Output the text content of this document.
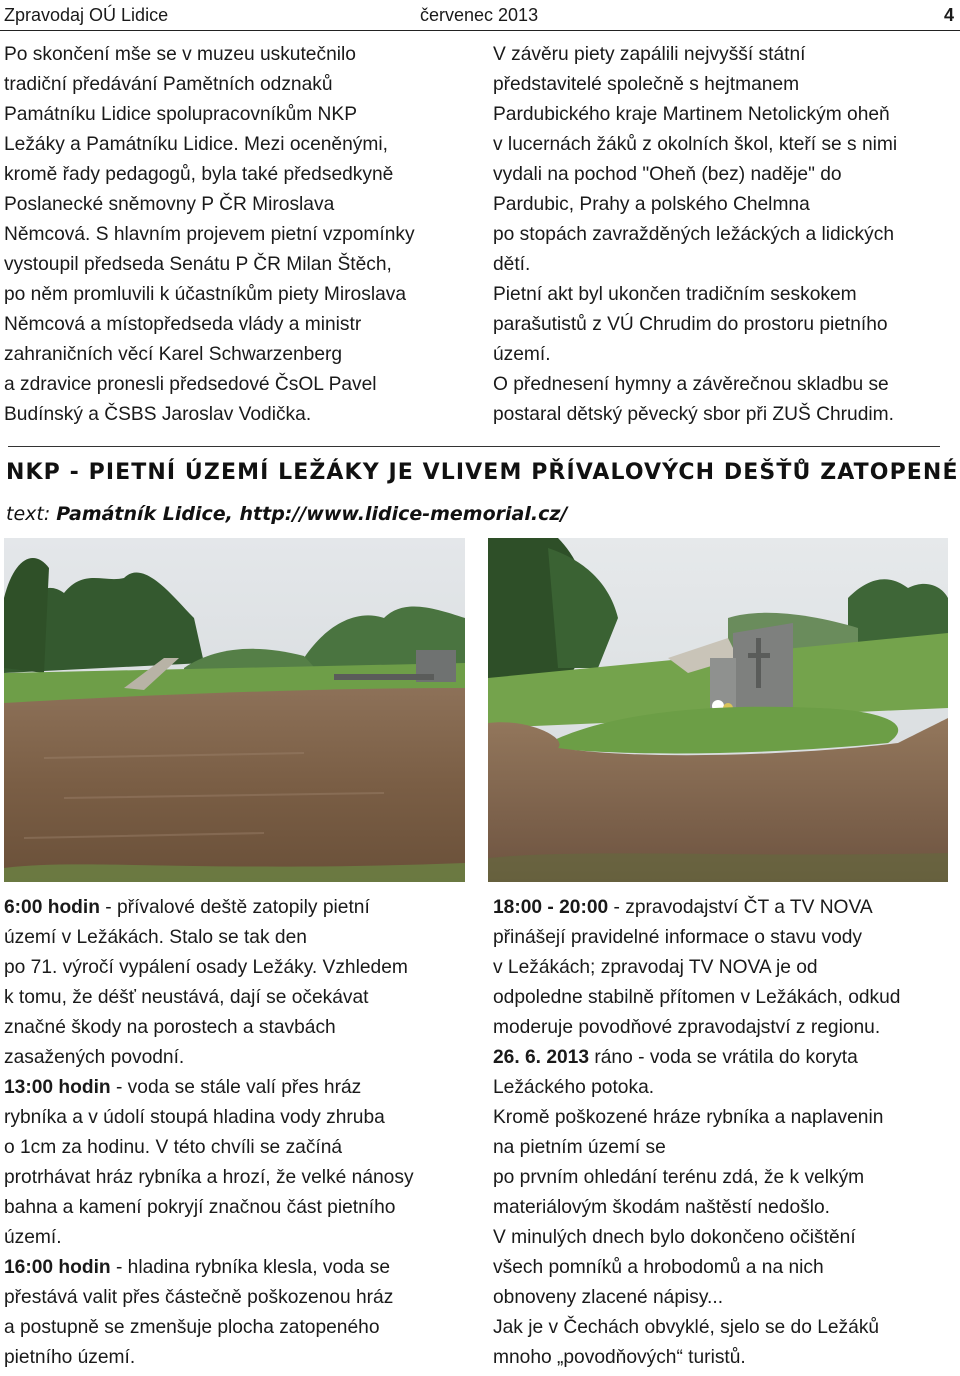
Zpravodaj OÚ Lidice	červenec 2013	4
Po skončení mše se v muzeu uskutečnilo
tradiční předávání Pamětních odznaků
Památníku Lidice spolupracovníkům NKP
Ležáky a Památníku Lidice. Mezi oceněnými,
kromě řady pedagogů, byla také předsedkyně
Poslanecké sněmovny P ČR Miroslava
Němcová. S hlavním projevem pietní vzpomínky
vystoupil předseda Senátu P ČR Milan Štěch,
po něm promluvili k účastníkům piety Miroslava
Němcová a místopředseda vlády a ministr
zahraničních věcí Karel Schwarzenberg
a zdravice pronesli předsedové ČsOL Pavel
Budínský a ČSBS Jaroslav Vodička.
V závěru piety zapálili nejvyšší státní
představitelé společně s hejtmanem
Pardubického kraje Martinem Netolickým oheň
v lucernách žáků z okolních škol, kteří se s nimi
vydali na pochod "Oheň (bez) naděje" do
Pardubic, Prahy a polského Chelmna
po stopách zavražděných ležáckých a lidických
dětí.
Pietní akt byl ukončen tradičním seskokem
parašutistů z VÚ Chrudim do prostoru pietního
území.
O přednesení hymny a závěrečnou skladbu se
postaral dětský pěvecký sbor při ZUŠ Chrudim.
NKP - PIETNÍ ÚZEMÍ LEŽÁKY JE VLIVEM PŘÍVALOVÝCH DEŠŤŮ ZATOPENÉ
text: Památník Lidice, http://www.lidice-memorial.cz/
6:00 hodin - přívalové deště zatopily pietní
území v Ležákách. Stalo se tak den
po 71. výročí vypálení osady Ležáky. Vzhledem
k tomu, že déšť neustává, dají se očekávat
značné škody na porostech a stavbách
zasažených povodní.
13:00 hodin - voda se stále valí přes hráz
rybníka a v údolí stoupá hladina vody zhruba
o 1cm za hodinu. V této chvíli se začíná
protrhávat hráz rybníka a hrozí, že velké nánosy
bahna a kamení pokryjí značnou část pietního
území.
16:00 hodin - hladina rybníka klesla, voda se
přestává valit přes částečně poškozenou hráz
a postupně se zmenšuje plocha zatopeného
pietního území.
18:00 - 20:00 - zpravodajství ČT a TV NOVA
přinášejí pravidelné informace o stavu vody
v Ležákách; zpravodaj TV NOVA je od
odpoledne stabilně přítomen v Ležákách, odkud
moderuje povodňové zpravodajství z regionu.
26. 6. 2013 ráno - voda se vrátila do koryta
Ležáckého potoka.
Kromě poškozené hráze rybníka a naplavenin
na pietním území se
po prvním ohledání terénu zdá, že k velkým
materiálovým škodám naštěstí nedošlo.
V minulých dnech bylo dokončeno očištění
všech pomníků a hrobodomů a na nich
obnoveny zlacené nápisy...
Jak je v Čechách obvyklé, sjelo se do Ležáků
mnoho „povodňových“ turistů.
